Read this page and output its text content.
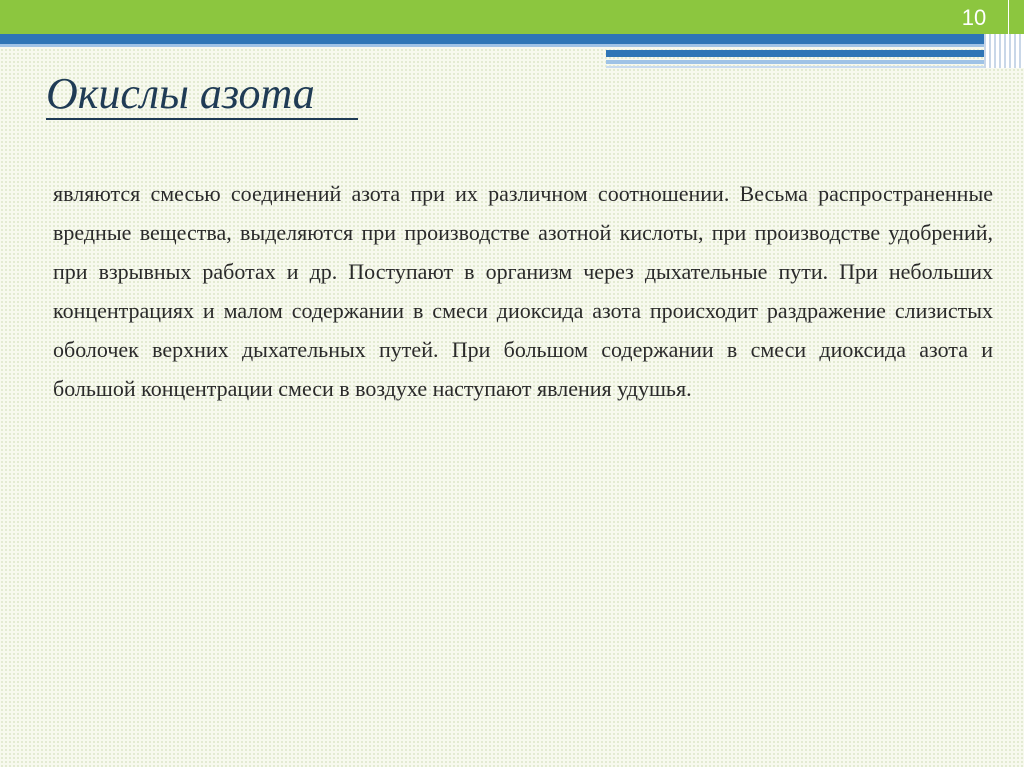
10
Окислы азота

являются смесью соединений азота при их различном соотношении. Весьма распространенные вредные вещества, выделяются при производстве азотной кислоты, при производстве удобрений, при взрывных работах и др. Поступают в организм через дыхательные пути. При небольших концентрациях и малом содержании в смеси диоксида азота происходит раздражение слизистых оболочек верхних дыхательных путей. При большом содержании в смеси диоксида азота и большой концентрации смеси в воздухе наступают явления удушья.
